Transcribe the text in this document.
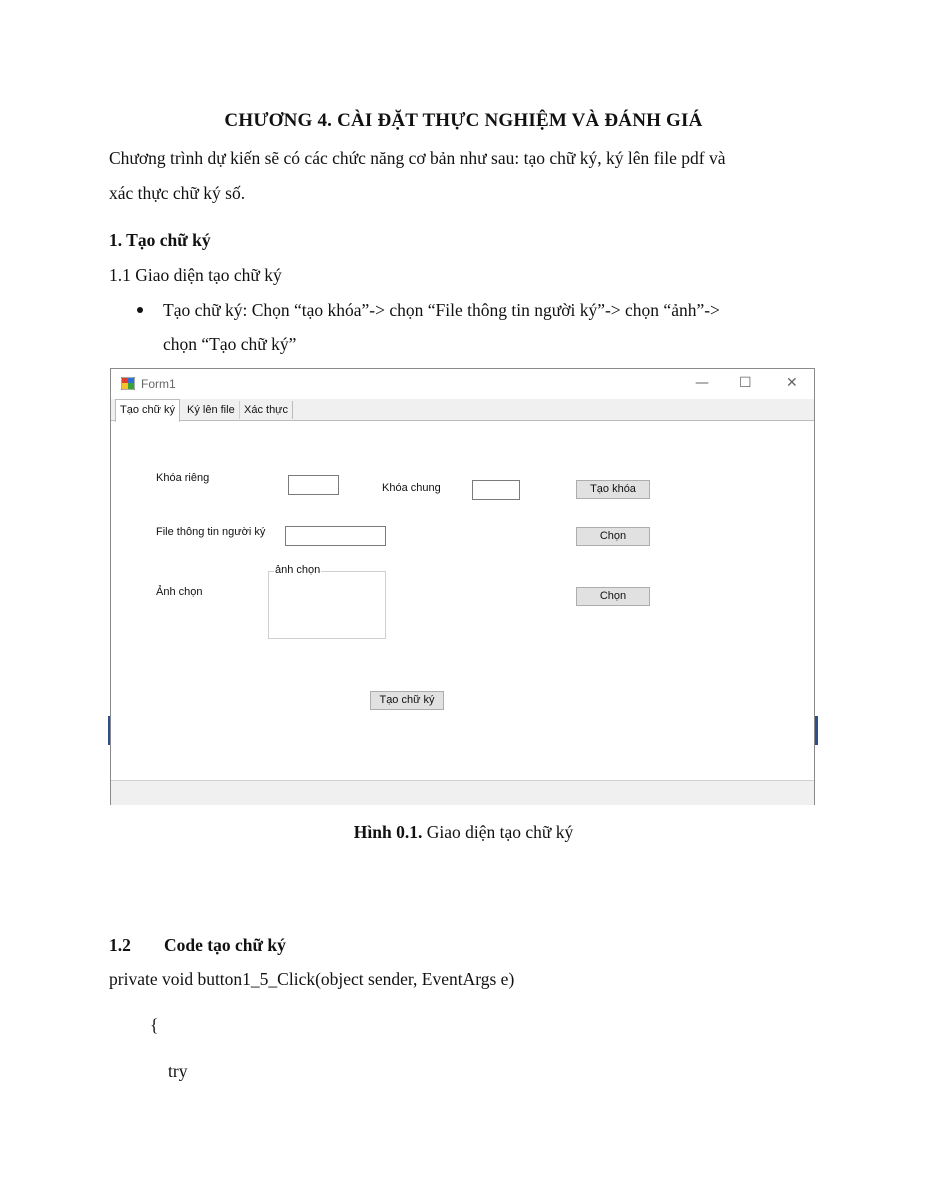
CHƯƠNG 4. CÀI ĐẶT THỰC NGHIỆM VÀ ĐÁNH GIÁ
Chương trình dự kiến sẽ có các chức năng cơ bản như sau: tạo chữ ký, ký lên file pdf và
xác thực chữ ký số.
1. Tạo chữ ký
1.1 Giao diện tạo chữ ký
Tạo chữ ký: Chọn “tạo khóa”-> chọn “File thông tin người ký”-> chọn “ảnh”->
chọn “Tạo chữ ký”
Form1	— ☐ ✕
Tạo chữ ký	Ký lên file Xác thực
Khóa riêng
Khóa chung	Tạo khóa
File thông tin người ký	Chọn
Ảnh chọn
ảnh chọn
Chọn
Tạo chữ ký
Hình 0.1. Giao diện tạo chữ ký
1.2 Code tạo chữ ký
private void button1_5_Click(object sender, EventArgs e)
{
try
